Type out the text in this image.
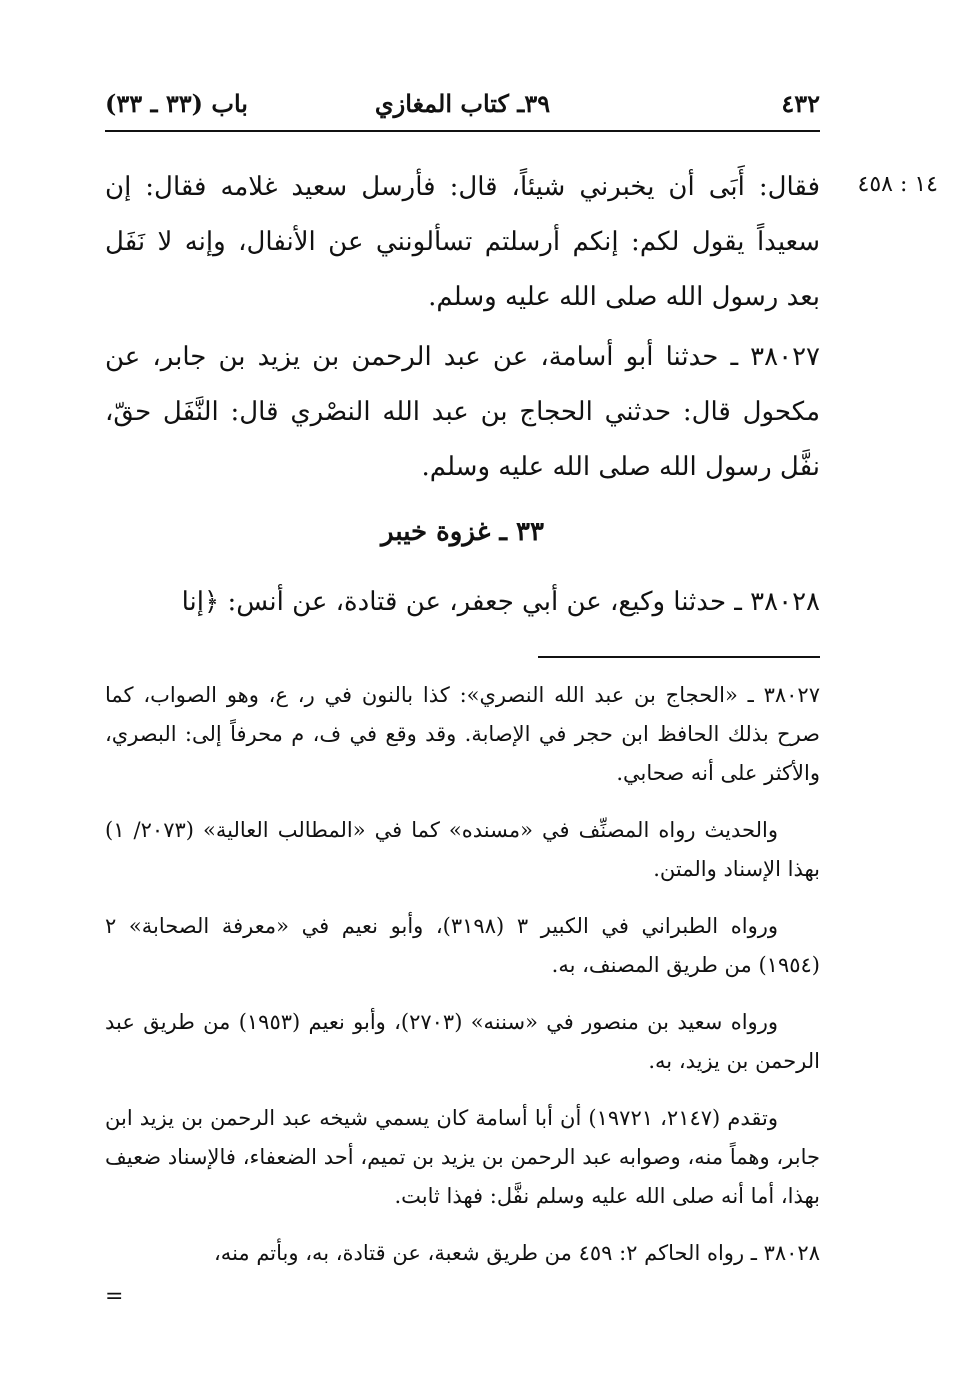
٤٣٢
٣٩ـ كتاب المغازي
باب (٣٣ ـ ٣٣)
١٤ : ٤٥٨

فقال: أَبَى أن يخبرني شيئاً، قال: فأرسل سعيد غلامه فقال: إن سعيداً يقول لكم: إنكم أرسلتم تسألونني عن الأنفال، وإنه لا نَفَل بعد رسول الله صلى الله عليه وسلم.

٣٨٠٢٧ ـ حدثنا أبو أسامة، عن عبد الرحمن بن يزيد بن جابر، عن مكحول قال: حدثني الحجاج بن عبد الله النصْري قال: النَّفَل حقّ، نفَّل رسول الله صلى الله عليه وسلم.

٣٣ ـ غزوة خيبر

٣٨٠٢٨ ـ حدثنا وكيع، عن أبي جعفر، عن قتادة، عن أنس: ﴿إنا

٣٨٠٢٧ ـ «الحجاج بن عبد الله النصري»: كذا بالنون في ر، ع، وهو الصواب، كما صرح بذلك الحافظ ابن حجر في الإصابة. وقد وقع في ف، م محرفاً إلى: البصري، والأكثر على أنه صحابي.

والحديث رواه المصنِّف في «مسنده» كما في «المطالب العالية» (٢٠٧٣/ ١) بهذا الإسناد والمتن.

ورواه الطبراني في الكبير ٣ (٣١٩٨)، وأبو نعيم في «معرفة الصحابة» ٢ (١٩٥٤) من طريق المصنف، به.

ورواه سعيد بن منصور في «سننه» (٢٧٠٣)، وأبو نعيم (١٩٥٣) من طريق عبد الرحمن بن يزيد، به.

وتقدم (٢١٤٧، ١٩٧٢١) أن أبا أسامة كان يسمي شيخه عبد الرحمن بن يزيد ابن جابر، وهماً منه، وصوابه عبد الرحمن بن يزيد بن تميم، أحد الضعفاء، فالإسناد ضعيف بهذا، أما أنه صلى الله عليه وسلم نفَّل: فهذا ثابت.

٣٨٠٢٨ ـ رواه الحاكم ٢: ٤٥٩ من طريق شعبة، عن قتادة، به، وبأتم منه،

=
